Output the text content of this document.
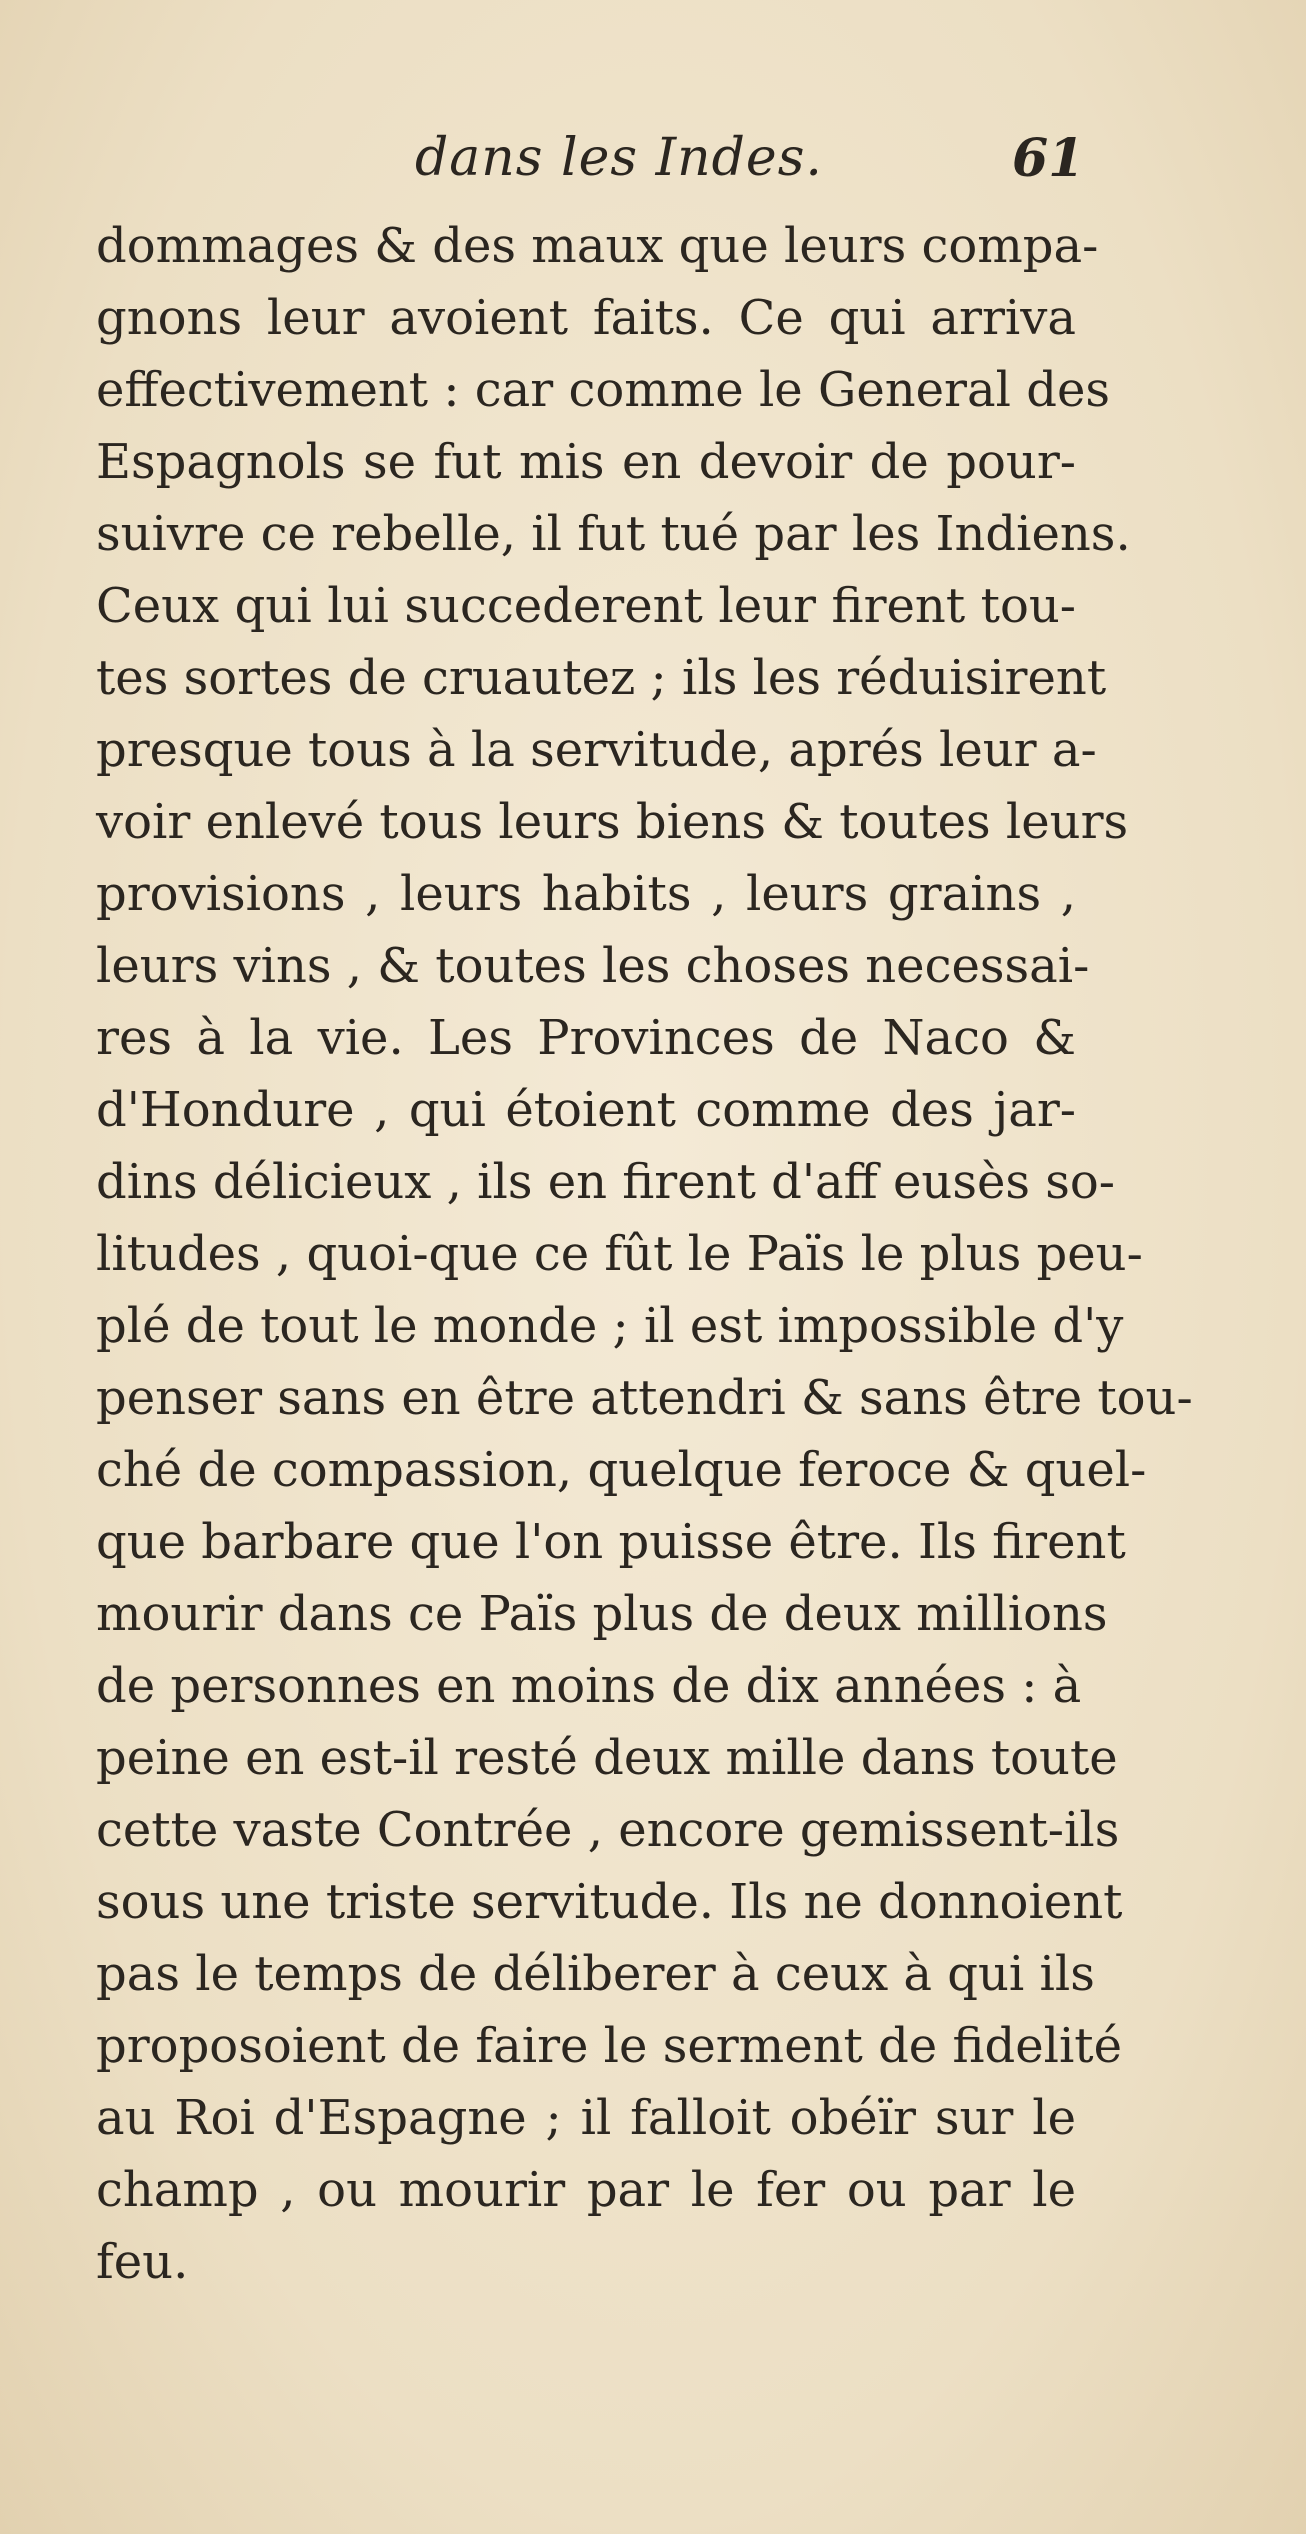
dans les Indes.	61
dommages & des maux que leurs compa-
gnons leur avoient faits. Ce qui arriva
effectivement : car comme le General des
Espagnols se fut mis en devoir de pour-
suivre ce rebelle, il fut tué par les Indiens.
Ceux qui lui succederent leur firent tou-
tes sortes de cruautez ; ils les réduisirent
presque tous à la servitude, aprés leur a-
voir enlevé tous leurs biens & toutes leurs
provisions , leurs habits , leurs grains ,
leurs vins , & toutes les choses necessai-
res à la vie. Les Provinces de Naco &
d'Hondure , qui étoient comme des jar-
dins délicieux , ils en firent d'aff eusès so-
litudes , quoi-que ce fût le Païs le plus peu-
plé de tout le monde ; il est impossible d'y
penser sans en être attendri & sans être tou-
ché de compassion, quelque feroce & quel-
que barbare que l'on puisse être. Ils firent
mourir dans ce Païs plus de deux millions
de personnes en moins de dix années : à
peine en est-il resté deux mille dans toute
cette vaste Contrée , encore gemissent-ils
sous une triste servitude. Ils ne donnoient
pas le temps de déliberer à ceux à qui ils
proposoient de faire le serment de fidelité
au Roi d'Espagne ; il falloit obéïr sur le
champ , ou mourir par le fer ou par le
feu.
